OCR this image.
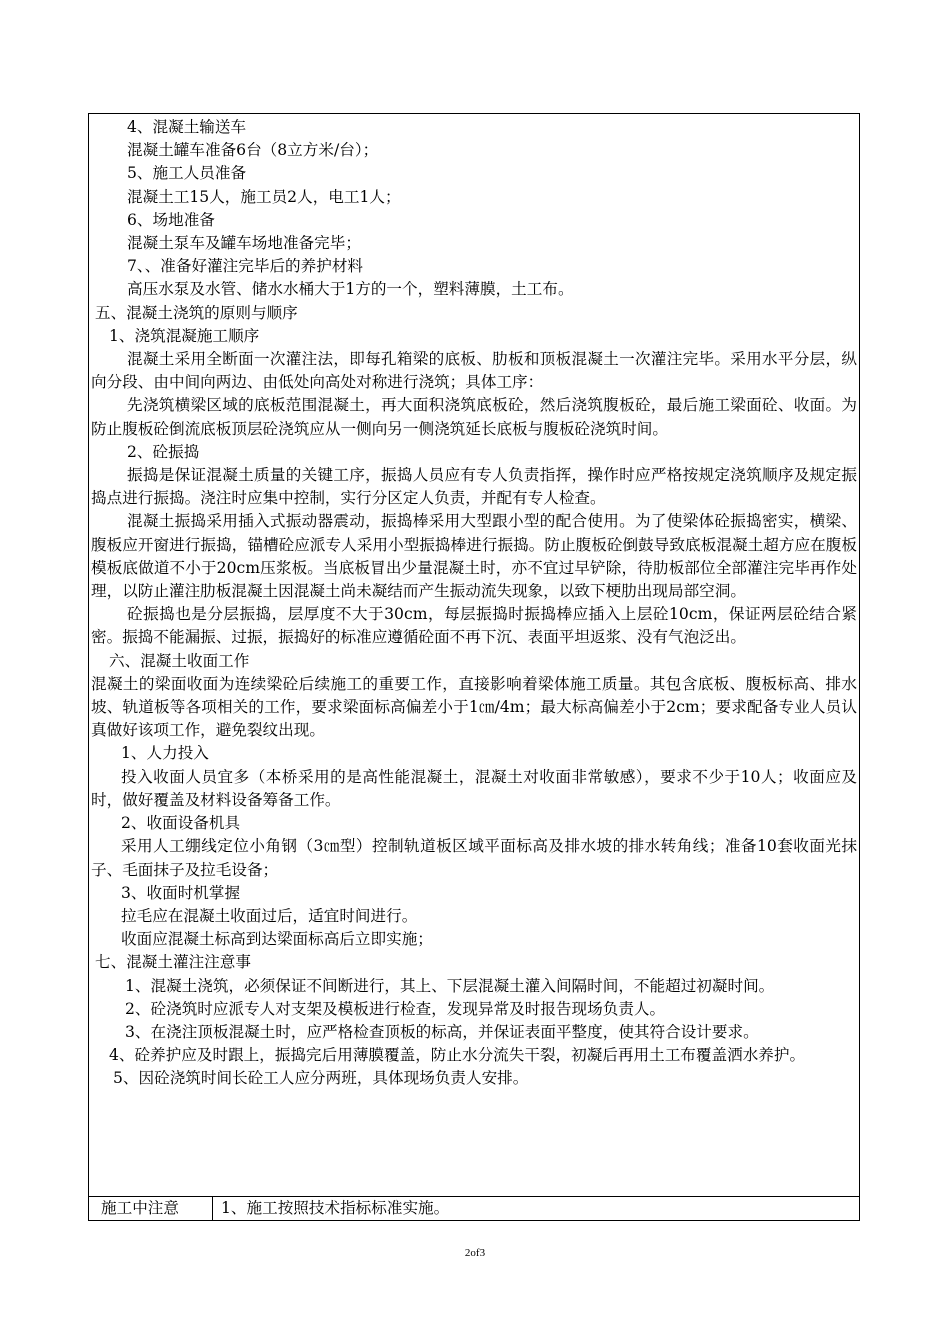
4、混凝土输送车

混凝土罐车准备6台（8立方米/台）；

5、施工人员准备

混凝土工15人，施工员2人，电工1人；

6、场地准备

混凝土泵车及罐车场地准备完毕；

7、、准备好灌注完毕后的养护材料

高压水泵及水管、储水水桶大于1方的一个，塑料薄膜，土工布。

五、混凝土浇筑的原则与顺序

1、浇筑混凝施工顺序

混凝土采用全断面一次灌注法，即每孔箱梁的底板、肋板和顶板混凝土一次灌注完毕。采用水平分层，纵向分段、由中间向两边、由低处向高处对称进行浇筑；具体工序：

先浇筑横梁区域的底板范围混凝土，再大面积浇筑底板砼，然后浇筑腹板砼，最后施工梁面砼、收面。为防止腹板砼倒流底板顶层砼浇筑应从一侧向另一侧浇筑延长底板与腹板砼浇筑时间。

2、砼振捣

振捣是保证混凝土质量的关键工序，振捣人员应有专人负责指挥，操作时应严格按规定浇筑顺序及规定振捣点进行振捣。浇注时应集中控制，实行分区定人负责，并配有专人检查。

混凝土振捣采用插入式振动器震动，振捣棒采用大型跟小型的配合使用。为了使梁体砼振捣密实，横梁、腹板应开窗进行振捣，锚槽砼应派专人采用小型振捣棒进行振捣。防止腹板砼倒鼓导致底板混凝土超方应在腹板模板底做道不小于20cm压浆板。当底板冒出少量混凝土时，亦不宜过早铲除，待肋板部位全部灌注完毕再作处理，以防止灌注肋板混凝土因混凝土尚未凝结而产生振动流失现象，以致下梗肋出现局部空洞。

砼振捣也是分层振捣，层厚度不大于30cm，每层振捣时振捣棒应插入上层砼10cm，保证两层砼结合紧密。振捣不能漏振、过振，振捣好的标准应遵循砼面不再下沉、表面平坦返浆、没有气泡泛出。

六、混凝土收面工作

混凝土的梁面收面为连续梁砼后续施工的重要工作，直接影响着梁体施工质量。其包含底板、腹板标高、排水坡、轨道板等各项相关的工作，要求梁面标高偏差小于1㎝/4m；最大标高偏差小于2cm；要求配备专业人员认真做好该项工作，避免裂纹出现。

1、人力投入

投入收面人员宜多（本桥采用的是高性能混凝土，混凝土对收面非常敏感），要求不少于10人；收面应及时，做好覆盖及材料设备筹备工作。

2、收面设备机具

采用人工绷线定位小角钢（3㎝型）控制轨道板区域平面标高及排水坡的排水转角线；准备10套收面光抹子、毛面抹子及拉毛设备；

3、收面时机掌握

拉毛应在混凝土收面过后，适宜时间进行。

收面应混凝土标高到达梁面标高后立即实施；

七、混凝土灌注注意事

1、混凝土浇筑，必须保证不间断进行，其上、下层混凝土灌入间隔时间，不能超过初凝时间。

2、砼浇筑时应派专人对支架及模板进行检查，发现异常及时报告现场负责人。

3、在浇注顶板混凝土时，应严格检查顶板的标高，并保证表面平整度，使其符合设计要求。

4、砼养护应及时跟上，振捣完后用薄膜覆盖，防止水分流失干裂，初凝后再用土工布覆盖洒水养护。

5、因砼浇筑时间长砼工人应分两班，具体现场负责人安排。

施工中注意	1、施工按照技术指标标准实施。
2of3
